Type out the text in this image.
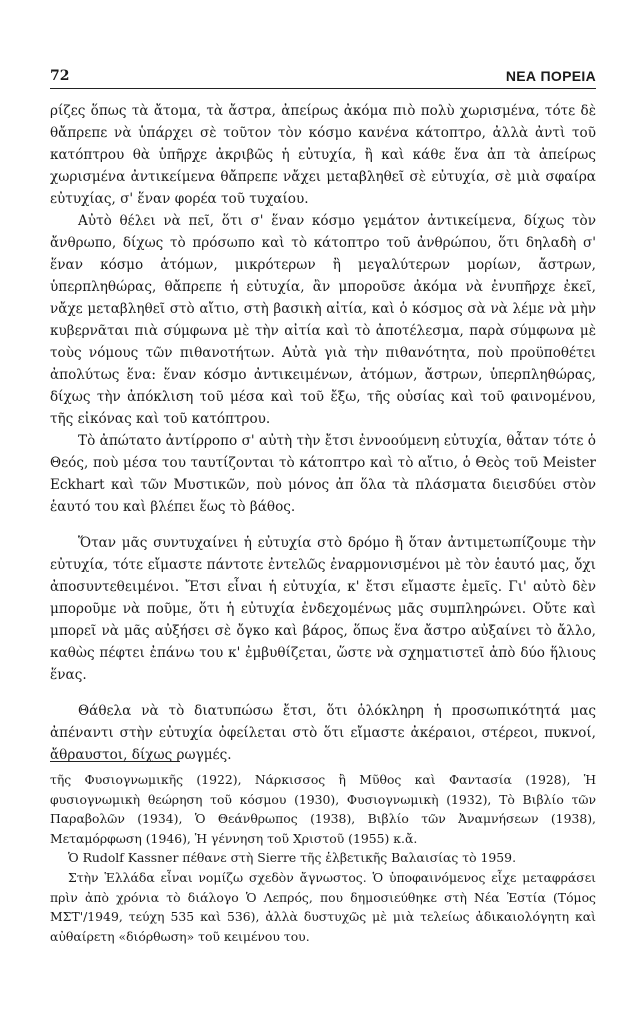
72	ΝΕΑ ΠΟΡΕΙΑ

ρίζες ὅπως τὰ ἄτομα, τὰ ἄστρα, ἀπείρως ἀκόμα πιὸ πολὺ χωρισμένα, τότε δὲ θἄπρεπε νὰ ὑπάρχει σὲ τοῦτον τὸν κόσμο κανένα κάτοπτρο, ἀλλὰ ἀντὶ τοῦ κατόπτρου θὰ ὑπῆρχε ἀκριβῶς ἡ εὐτυχία, ἢ καὶ κάθε ἕνα ἀπ τὰ ἀπείρως χωρισμένα ἀντικείμενα θἄπρεπε νἄχει μεταβληθεῖ σὲ εὐτυχία, σὲ μιὰ σφαίρα εὐτυχίας, σ' ἕναν φορέα τοῦ τυχαίου.

Αὐτὸ θέλει νὰ πεῖ, ὅτι σ' ἕναν κόσμο γεμάτον ἀντικείμενα, δίχως τὸν ἄνθρωπο, δίχως τὸ πρόσωπο καὶ τὸ κάτοπτρο τοῦ ἀνθρώπου, ὅτι δηλαδὴ σ' ἕναν κόσμο ἀτόμων, μικρότερων ἢ μεγαλύτερων μορίων, ἄστρων, ὑπερπληθώρας, θἄπρεπε ἡ εὐτυχία, ἂν μποροῦσε ἀκόμα νὰ ἐνυπῆρχε ἐκεῖ, νἄχε μεταβληθεῖ στὸ αἴτιο, στὴ βασικὴ αἰτία, καὶ ὁ κόσμος σὰ νὰ λέμε νὰ μὴν κυβερνᾶται πιὰ σύμφωνα μὲ τὴν αἰτία καὶ τὸ ἀποτέλεσμα, παρὰ σύμφωνα μὲ τοὺς νόμους τῶν πιθανοτήτων. Αὐτὰ γιὰ τὴν πιθανότητα, ποὺ προϋποθέτει ἀπολύτως ἕνα: ἕναν κόσμο ἀντικειμένων, ἀτόμων, ἄστρων, ὑπερπληθώρας, δίχως τὴν ἀπόκλιση τοῦ μέσα καὶ τοῦ ἔξω, τῆς οὐσίας καὶ τοῦ φαινομένου, τῆς εἰκόνας καὶ τοῦ κατόπτρου.

Τὸ ἀπώτατο ἀντίρροπο σ' αὐτὴ τὴν ἔτσι ἐννοούμενη εὐτυχία, θἆταν τότε ὁ Θεός, ποὺ μέσα του ταυτίζονται τὸ κάτοπτρο καὶ τὸ αἴτιο, ὁ Θεὸς τοῦ Meister Eckhart καὶ τῶν Μυστικῶν, ποὺ μόνος ἀπ ὅλα τὰ πλάσματα διεισδύει στὸν ἑαυτό του καὶ βλέπει ἕως τὸ βάθος.

Ὅταν μᾶς συντυχαίνει ἡ εὐτυχία στὸ δρόμο ἢ ὅταν ἀντιμετωπίζουμε τὴν εὐτυχία, τότε εἴμαστε πάντοτε ἐντελῶς ἐναρμονισμένοι μὲ τὸν ἑαυτό μας, ὄχι ἀποσυντεθειμένοι. Ἔτσι εἶναι ἡ εὐτυχία, κ' ἔτσι εἴμαστε ἐμεῖς. Γι' αὐτὸ δὲν μποροῦμε νὰ ποῦμε, ὅτι ἡ εὐτυχία ἐνδεχομένως μᾶς συμπληρώνει. Οὔτε καὶ μπορεῖ νὰ μᾶς αὐξήσει σὲ ὄγκο καὶ βάρος, ὅπως ἕνα ἄστρο αὐξαίνει τὸ ἄλλο, καθὼς πέφτει ἐπάνω του κ' ἐμβυθίζεται, ὥστε νὰ σχηματιστεῖ ἀπὸ δύο ἥλιους ἕνας.

Θάθελα νὰ τὸ διατυπώσω ἔτσι, ὅτι ὁλόκληρη ἡ προσωπικότητά μας ἀπέναντι στὴν εὐτυχία ὀφείλεται στὸ ὅτι εἴμαστε ἀκέραιοι, στέρεοι, πυκνοί, ἄθραυστοι, δίχως ρωγμές.

τῆς Φυσιογνωμικῆς (1922), Νάρκισσος ἢ Μῦθος καὶ Φαντασία (1928), Ἡ φυσιογνωμικὴ θεώρηση τοῦ κόσμου (1930), Φυσιογνωμικὴ (1932), Τὸ Βιβλίο τῶν Παραβολῶν (1934), Ὁ Θεάνθρωπος (1938), Βιβλίο τῶν Ἀναμνήσεων (1938), Μεταμόρφωση (1946), Ἡ γέννηση τοῦ Χριστοῦ (1955) κ.ἄ.

Ὁ Rudolf Kassner πέθανε στὴ Sierre τῆς ἑλβετικῆς Βαλαισίας τὸ 1959.

Στὴν Ἑλλάδα εἶναι νομίζω σχεδὸν ἄγνωστος. Ὁ ὑποφαινόμενος εἶχε μεταφράσει πρὶν ἀπὸ χρόνια τὸ διάλογο Ὁ Λεπρός, που δημοσιεύθηκε στὴ Νέα Ἑστία (Τόμος ΜΣΤ'/1949, τεύχη 535 καὶ 536), ἀλλὰ δυστυχῶς μὲ μιὰ τελείως ἀδικαιολόγητη καὶ αὐθαίρετη «διόρθωση» τοῦ κειμένου του.
